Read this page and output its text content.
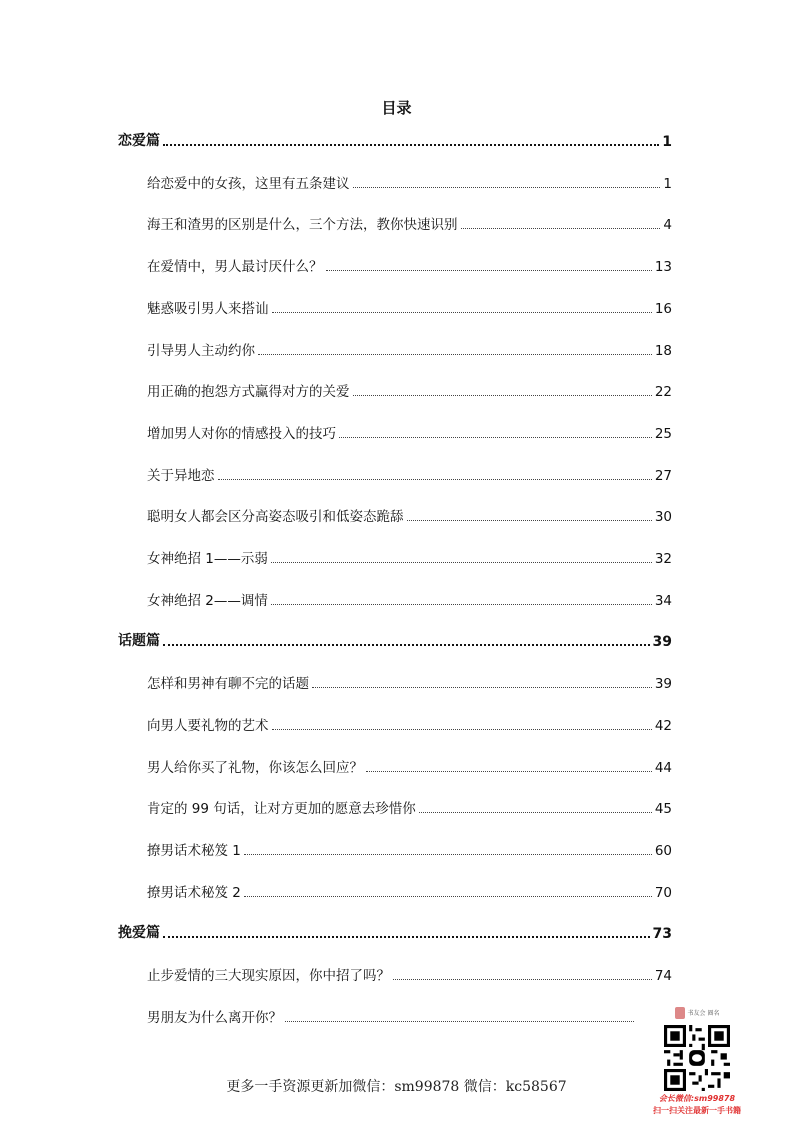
目录
恋爱篇	1
给恋爱中的女孩，这里有五条建议	1
海王和渣男的区别是什么，三个方法，教你快速识别	4
在爱情中，男人最讨厌什么？	13
魅惑吸引男人来搭讪	16
引导男人主动约你	18
用正确的抱怨方式赢得对方的关爱	22
增加男人对你的情感投入的技巧	25
关于异地恋	27
聪明女人都会区分高姿态吸引和低姿态跪舔	30
女神绝招 1——示弱	32
女神绝招 2——调情	34
话题篇	39
怎样和男神有聊不完的话题	39
向男人要礼物的艺术	42
男人给你买了礼物，你该怎么回应？	44
肯定的 99 句话，让对方更加的愿意去珍惜你	45
撩男话术秘笈 1	60
撩男话术秘笈 2	70
挽爱篇	73
止步爱情的三大现实原因，你中招了吗？	74
男朋友为什么离开你？
更多一手资源更新加微信：sm99878 微信：kc58567
书友会 圈名
会长微信:sm99878
扫一扫关注最新一手书籍
